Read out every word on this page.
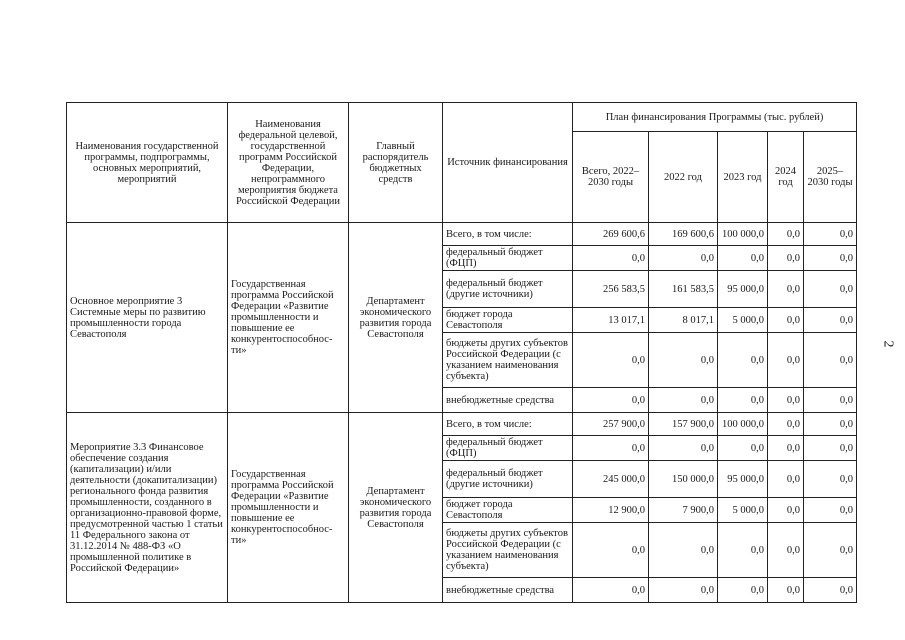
Наименования государственной программы, подпрограммы, основных мероприятий, мероприятий	Наименования федеральной целевой, государственной программ Российской Федерации, непрограммного мероприятия бюджета Российской Федерации	Главный распорядитель бюджетных средств	Источник финансирования	План финансирования Программы (тыс. рублей)				
				Всего, 2022–2030 годы	2022 год	2023 год	2024 год	2025–2030 годы
Основное мероприятие 3 Системные меры по развитию промышленности города Севастополя	Государственная программа Российской Федерации «Развитие промышленности и повышение ее конкурентоспособнос-ти»	Департамент экономического развития города Севастополя	Всего, в том числе:	269 600,6	169 600,6	100 000,0	0,0	0,0
			федеральный бюджет (ФЦП)	0,0	0,0	0,0	0,0	0,0
			федеральный бюджет (другие источники)	256 583,5	161 583,5	95 000,0	0,0	0,0
			бюджет города Севастополя	13 017,1	8 017,1	5 000,0	0,0	0,0
			бюджеты других субъектов Российской Федерации (с указанием наименования субъекта)	0,0	0,0	0,0	0,0	0,0
			внебюджетные средства	0,0	0,0	0,0	0,0	0,0
Мероприятие 3.3 Финансовое обеспечение создания (капитализации) и/или деятельности (докапитализации) регионального фонда развития промышленности, созданного в организационно-правовой форме, предусмотренной частью 1 статьи 11 Федерального закона от 31.12.2014 № 488-ФЗ «О промышленной политике в Российской Федерации»	Государственная программа Российской Федерации «Развитие промышленности и повышение ее конкурентоспособнос-ти»	Департамент экономического развития города Севастополя	Всего, в том числе:	257 900,0	157 900,0	100 000,0	0,0	0,0
			федеральный бюджет (ФЦП)	0,0	0,0	0,0	0,0	0,0
			федеральный бюджет (другие источники)	245 000,0	150 000,0	95 000,0	0,0	0,0
			бюджет города Севастополя	12 900,0	7 900,0	5 000,0	0,0	0,0
			бюджеты других субъектов Российской Федерации (с указанием наименования субъекта)	0,0	0,0	0,0	0,0	0,0
			внебюджетные средства	0,0	0,0	0,0	0,0	0,0
2
